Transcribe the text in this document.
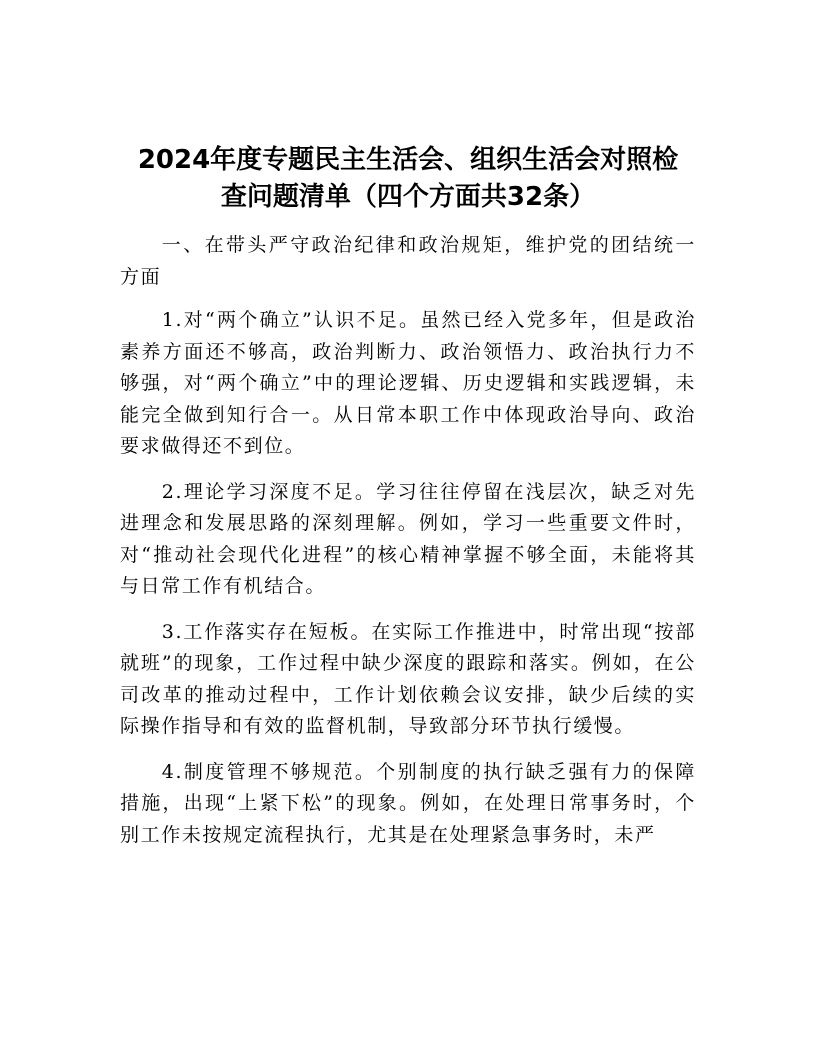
2024年度专题民主生活会、组织生活会对照检
查问题清单（四个方面共32条）

一、在带头严守政治纪律和政治规矩，维护党的团结统一方面

1.对“两个确立”认识不足。虽然已经入党多年，但是政治素养方面还不够高，政治判断力、政治领悟力、政治执行力不够强，对“两个确立”中的理论逻辑、历史逻辑和实践逻辑，未能完全做到知行合一。从日常本职工作中体现政治导向、政治要求做得还不到位。

2.理论学习深度不足。学习往往停留在浅层次，缺乏对先进理念和发展思路的深刻理解。例如，学习一些重要文件时，对“推动社会现代化进程”的核心精神掌握不够全面，未能将其与日常工作有机结合。

3.工作落实存在短板。在实际工作推进中，时常出现“按部就班”的现象，工作过程中缺少深度的跟踪和落实。例如，在公司改革的推动过程中，工作计划依赖会议安排，缺少后续的实际操作指导和有效的监督机制，导致部分环节执行缓慢。

4.制度管理不够规范。个别制度的执行缺乏强有力的保障措施，出现“上紧下松”的现象。例如，在处理日常事务时，个别工作未按规定流程执行，尤其是在处理紧急事务时，未严
